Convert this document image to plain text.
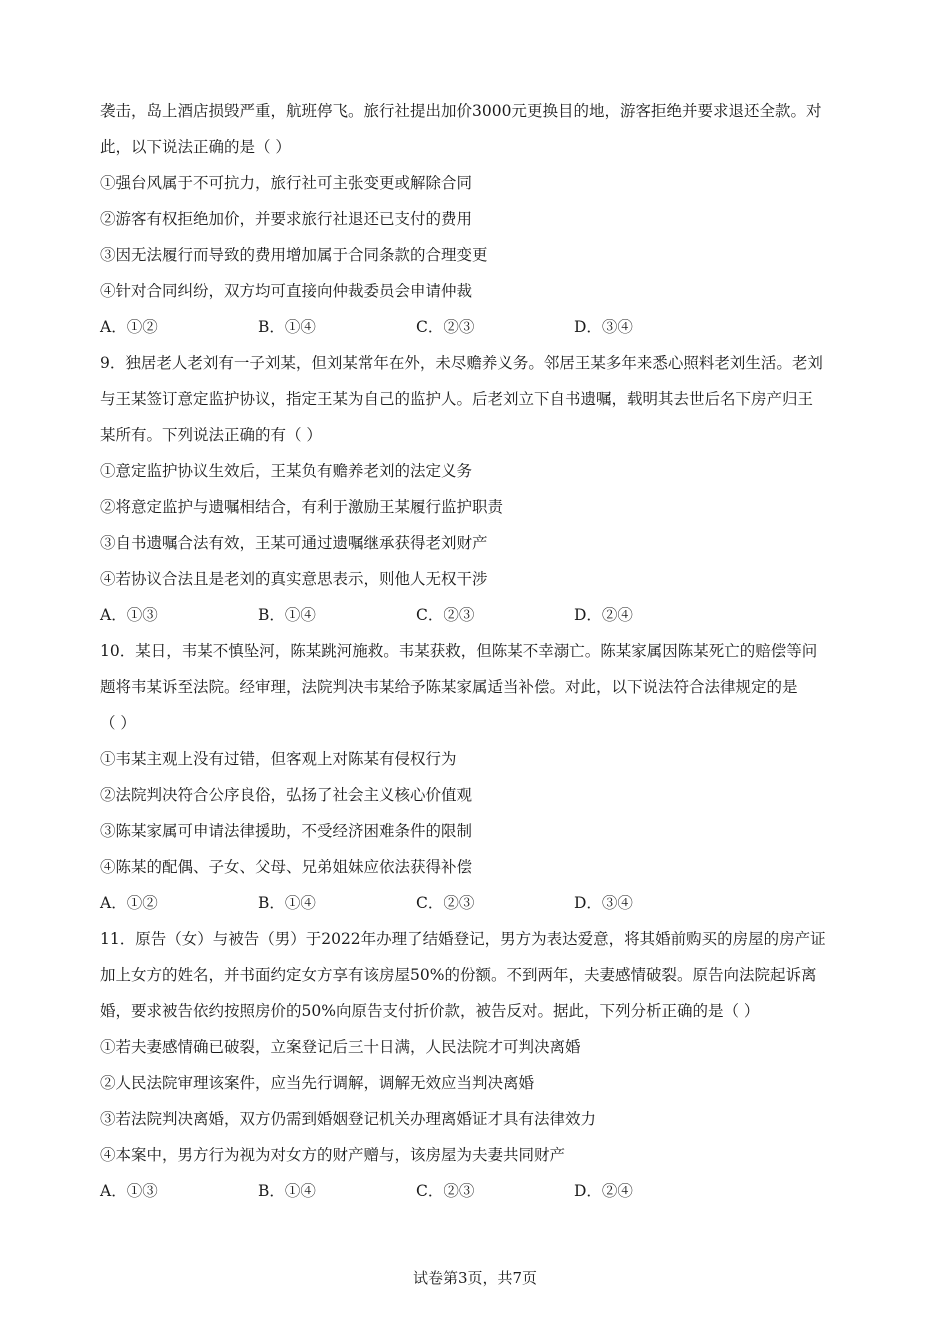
袭击，岛上酒店损毁严重，航班停飞。旅行社提出加价3000元更换目的地，游客拒绝并要求退还全款。对
此，以下说法正确的是（ ）
①强台风属于不可抗力，旅行社可主张变更或解除合同
②游客有权拒绝加价，并要求旅行社退还已支付的费用
③因无法履行而导致的费用增加属于合同条款的合理变更
④针对合同纠纷，双方均可直接向仲裁委员会申请仲裁
A．①②	B．①④	C．②③	D．③④
9．独居老人老刘有一子刘某，但刘某常年在外，未尽赡养义务。邻居王某多年来悉心照料老刘生活。老刘
与王某签订意定监护协议，指定王某为自己的监护人。后老刘立下自书遗嘱，载明其去世后名下房产归王
某所有。下列说法正确的有（ ）
①意定监护协议生效后，王某负有赡养老刘的法定义务
②将意定监护与遗嘱相结合，有利于激励王某履行监护职责
③自书遗嘱合法有效，王某可通过遗嘱继承获得老刘财产
④若协议合法且是老刘的真实意思表示，则他人无权干涉
A．①③	B．①④	C．②③	D．②④
10．某日，韦某不慎坠河，陈某跳河施救。韦某获救，但陈某不幸溺亡。陈某家属因陈某死亡的赔偿等问
题将韦某诉至法院。经审理，法院判决韦某给予陈某家属适当补偿。对此，以下说法符合法律规定的是
（ ）
①韦某主观上没有过错，但客观上对陈某有侵权行为
②法院判决符合公序良俗，弘扬了社会主义核心价值观
③陈某家属可申请法律援助，不受经济困难条件的限制
④陈某的配偶、子女、父母、兄弟姐妹应依法获得补偿
A．①②	B．①④	C．②③	D．③④
11．原告（女）与被告（男）于2022年办理了结婚登记，男方为表达爱意，将其婚前购买的房屋的房产证
加上女方的姓名，并书面约定女方享有该房屋50%的份额。不到两年，夫妻感情破裂。原告向法院起诉离
婚，要求被告依约按照房价的50%向原告支付折价款，被告反对。据此，下列分析正确的是（ ）
①若夫妻感情确已破裂，立案登记后三十日满，人民法院才可判决离婚
②人民法院审理该案件，应当先行调解，调解无效应当判决离婚
③若法院判决离婚，双方仍需到婚姻登记机关办理离婚证才具有法律效力
④本案中，男方行为视为对女方的财产赠与，该房屋为夫妻共同财产
A．①③	B．①④	C．②③	D．②④
试卷第3页，共7页
